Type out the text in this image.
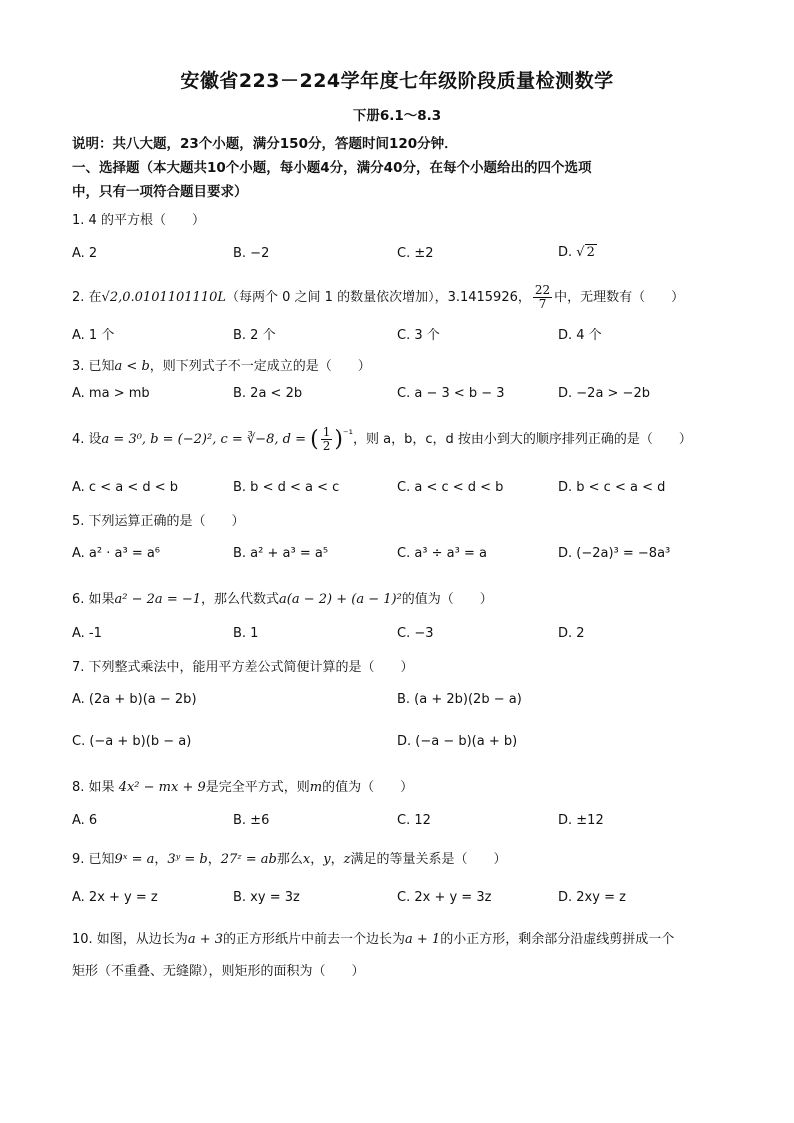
安徽省223－224学年度七年级阶段质量检测数学
下册6.1～8.3
说明：共八大题，23个小题，满分150分，答题时间120分钟．
一、选择题（本大题共10个小题，每小题4分，满分40分，在每个小题给出的四个选项
中，只有一项符合题目要求）
1. 4 的平方根（　　）
A. 2	B. −2	C. ±2	D. √ 2
2. 在√ 2,0.0101101110L （每两个 0 之间 1 的数量依次增加），3.1415926， $\frac{22}{7}$ 中，无理数有（　　）
A. 1 个	B. 2 个	C. 3 个	D. 4 个
3. 已知a < b，则下列式子不一定成立的是（　　）
A. ma > mb	B. 2a < 2b	C. a − 3 < b − 3	D. −2a > −2b
4. 设a = 3⁰, b = (−2)², c = ∛−8, d = ( $\frac{1}{2} )^{^{-1}}$，则 a，b，c，d 按由小到大的顺序排列正确的是（　　）
A. c < a < d < b	B. b < d < a < c	C. a < c < d < b	D. b < c < a < d
5. 下列运算正确的是（　　）
A. a² · a³ = a⁶	B. a² + a³ = a⁵	C. a³ ÷ a³ = a	D. (−2a)³ = −8a³
6. 如果a² − 2a = −1，那么代数式a(a − 2) + (a − 1)²的值为（　　）
A. -1	B. 1	C. −3	D. 2
7. 下列整式乘法中，能用平方差公式简便计算的是（　　）
A. (2a + b)(a − 2b)	B. (a + 2b)(2b − a)
C. (−a + b)(b − a)	D. (−a − b)(a + b)
8. 如果 4x² − mx + 9是完全平方式，则m的值为（　　）
A. 6	B. ±6	C. 12	D. ±12
9. 已知9ˣ = a，3ʸ = b，27ᶻ = ab那么x，y，z满足的等量关系是（　　）
A. 2x + y = z	B. xy = 3z	C. 2x + y = 3z	D. 2xy = z
10. 如图，从边长为a + 3的正方形纸片中前去一个边长为a + 1的小正方形，剩余部分沿虚线剪拼成一个
矩形（不重叠、无缝隙），则矩形的面积为（　　）
